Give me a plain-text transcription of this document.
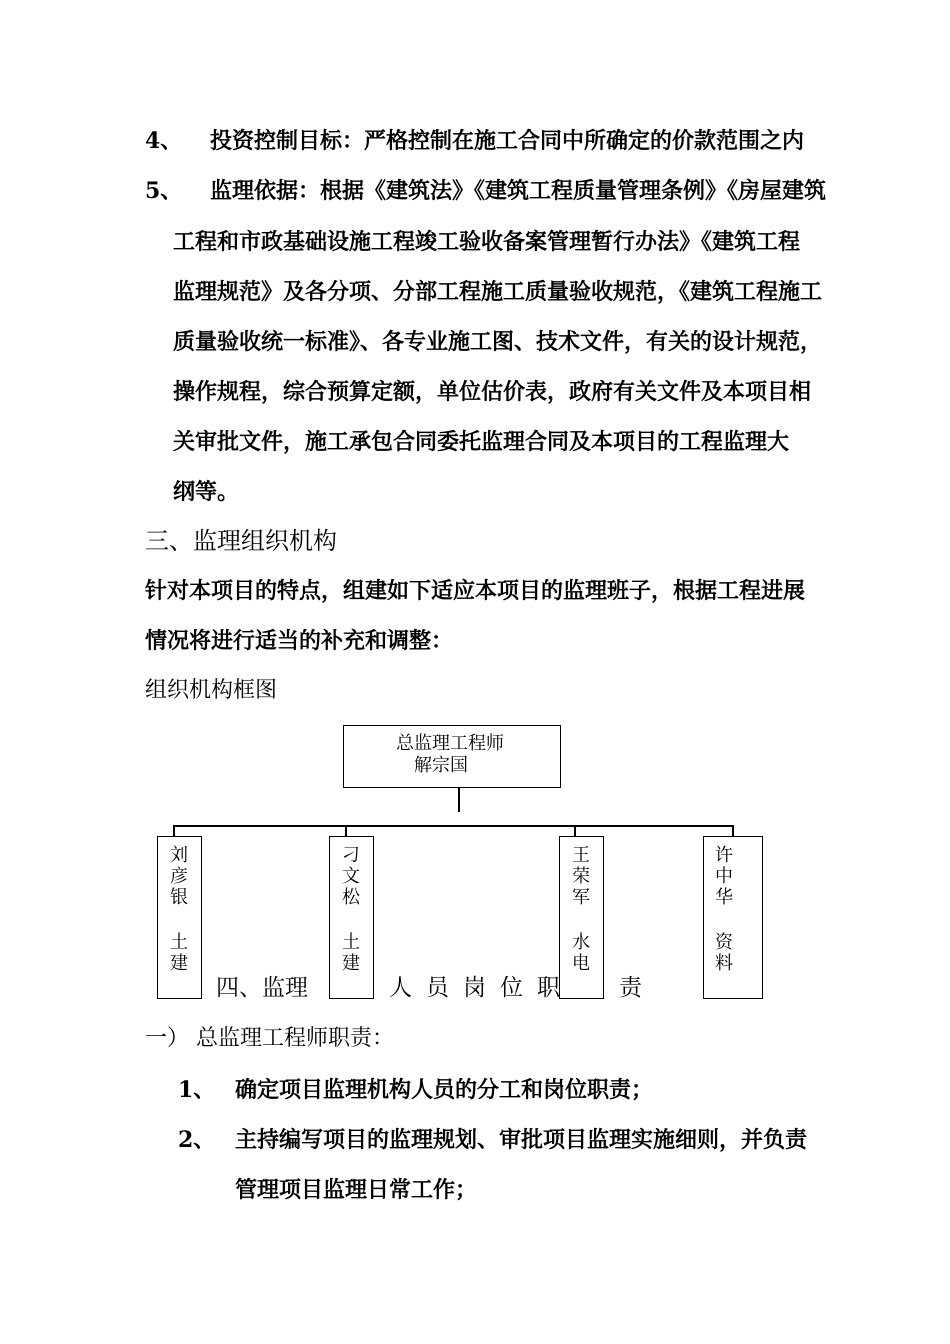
4、 投资控制目标：严格控制在施工合同中所确定的价款范围之内
5、 监理依据：根据《建筑法》《建筑工程质量管理条例》《房屋建筑
工程和市政基础设施工程竣工验收备案管理暂行办法》《建筑工程
监理规范》及各分项、分部工程施工质量验收规范，《建筑工程施工
质量验收统一标准》、各专业施工图、技术文件，有关的设计规范，
操作规程，综合预算定额，单位估价表，政府有关文件及本项目相
关审批文件，施工承包合同委托监理合同及本项目的工程监理大
纲等。
三、监理组织机构
针对本项目的特点，组建如下适应本项目的监理班子，根据工程进展
情况将进行适当的补充和调整：
组织机构框图
总监理工程师
解宗国
刘彦银
土建
刁文松
土建
王荣军
水电
许中华
资料
四、监理	人员岗位职 责
一） 总监理工程师职责：
1、 确定项目监理机构人员的分工和岗位职责；
2、 主持编写项目的监理规划、审批项目监理实施细则，并负责
管理项目监理日常工作；
